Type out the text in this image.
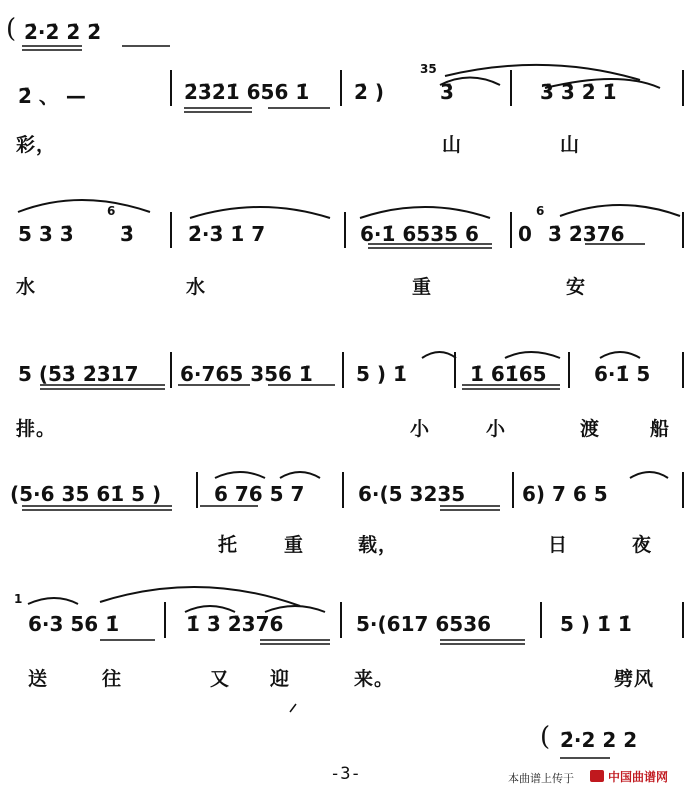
( 2̇·2̇ 2̇ 2̇
2̇ 、 —	2̇3̇2̇1̇ 656 1̇ 2̇ )
35
3̇	3̇ 3̇ 2̇ 1̇
彩，	山	山
5 3 3̇
6
3̇	2̇·3̇ 1̇ 7	6·1̇ 6535 6 0
6
3̇ 2̇376
水	水	重	安
5 (5̇3̇ 2̇317 6·765 356 1̇ 5 ) 1̇	1̇ 61̇65 6·1̇ 5
排。	小	小	渡	船
(5·6 35 61̇ 5 )	6 76 5 7	6·(5 3235	6) 7 6 5
托 重	载，	日	夜
1
6·3 56 1̇	1̇ 3̇ 2̇376	5·(617 6536	5 ) 1̇ 1̇
送	往	又 迎	来。	劈风
( 2̇·2 2 2
-3-	本曲谱上传于	中国曲谱网
